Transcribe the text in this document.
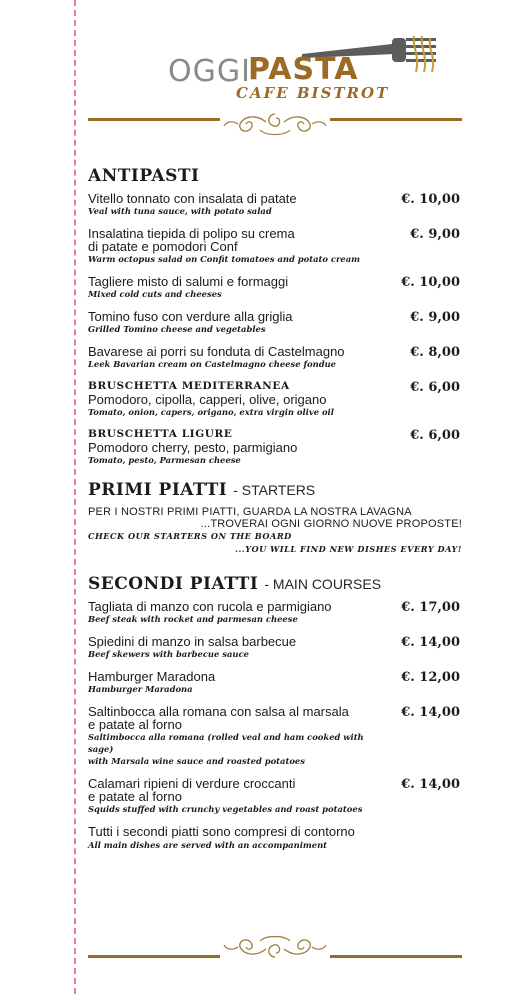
OGGI
PASTA
CAFE BISTROT
ANTIPASTI
Vitello tonnato con insalata di patate
Veal with tuna sauce, with potato salad
€. 10,00
Insalatina tiepida di polipo su crema
di patate e pomodori Conf
Warm octopus salad on Confit tomatoes and potato cream
€. 9,00
Tagliere misto di salumi e formaggi
Mixed cold cuts and cheeses
€. 10,00
Tomino fuso con verdure alla griglia
Grilled Tomino cheese and vegetables
€. 9,00
Bavarese ai porri su fonduta di Castelmagno
Leek Bavarian cream on Castelmagno cheese fondue
€. 8,00
BRUSCHETTA MEDITERRANEA
Pomodoro, cipolla, capperi, olive, origano
Tomato, onion, capers, origano, extra virgin olive oil
€. 6,00
BRUSCHETTA LIGURE
Pomodoro cherry, pesto, parmigiano
Tomato, pesto, Parmesan cheese
€. 6,00
PRIMI PIATTI - STARTERS
PER I NOSTRI PRIMI PIATTI, GUARDA LA NOSTRA LAVAGNA
...TROVERAI OGNI GIORNO NUOVE PROPOSTE!
CHECK OUR STARTERS ON THE BOARD
...YOU WILL FIND NEW DISHES EVERY DAY!
SECONDI PIATTI - MAIN COURSES
Tagliata di manzo con rucola e parmigiano
Beef steak with rocket and parmesan cheese
€. 17,00
Spiedini di manzo in salsa barbecue
Beef skewers with barbecue sauce
€. 14,00
Hamburger Maradona
Hamburger Maradona
€. 12,00
Saltinbocca alla romana con salsa al marsala
e patate al forno
Saltimbocca alla romana (rolled veal and ham cooked with sage)
with Marsala wine sauce and roasted potatoes
€. 14,00
Calamari ripieni di verdure croccanti
e patate al forno
Squids stuffed with crunchy vegetables and roast potatoes
€. 14,00
Tutti i secondi piatti sono compresi di contorno
All main dishes are served with an accompaniment
